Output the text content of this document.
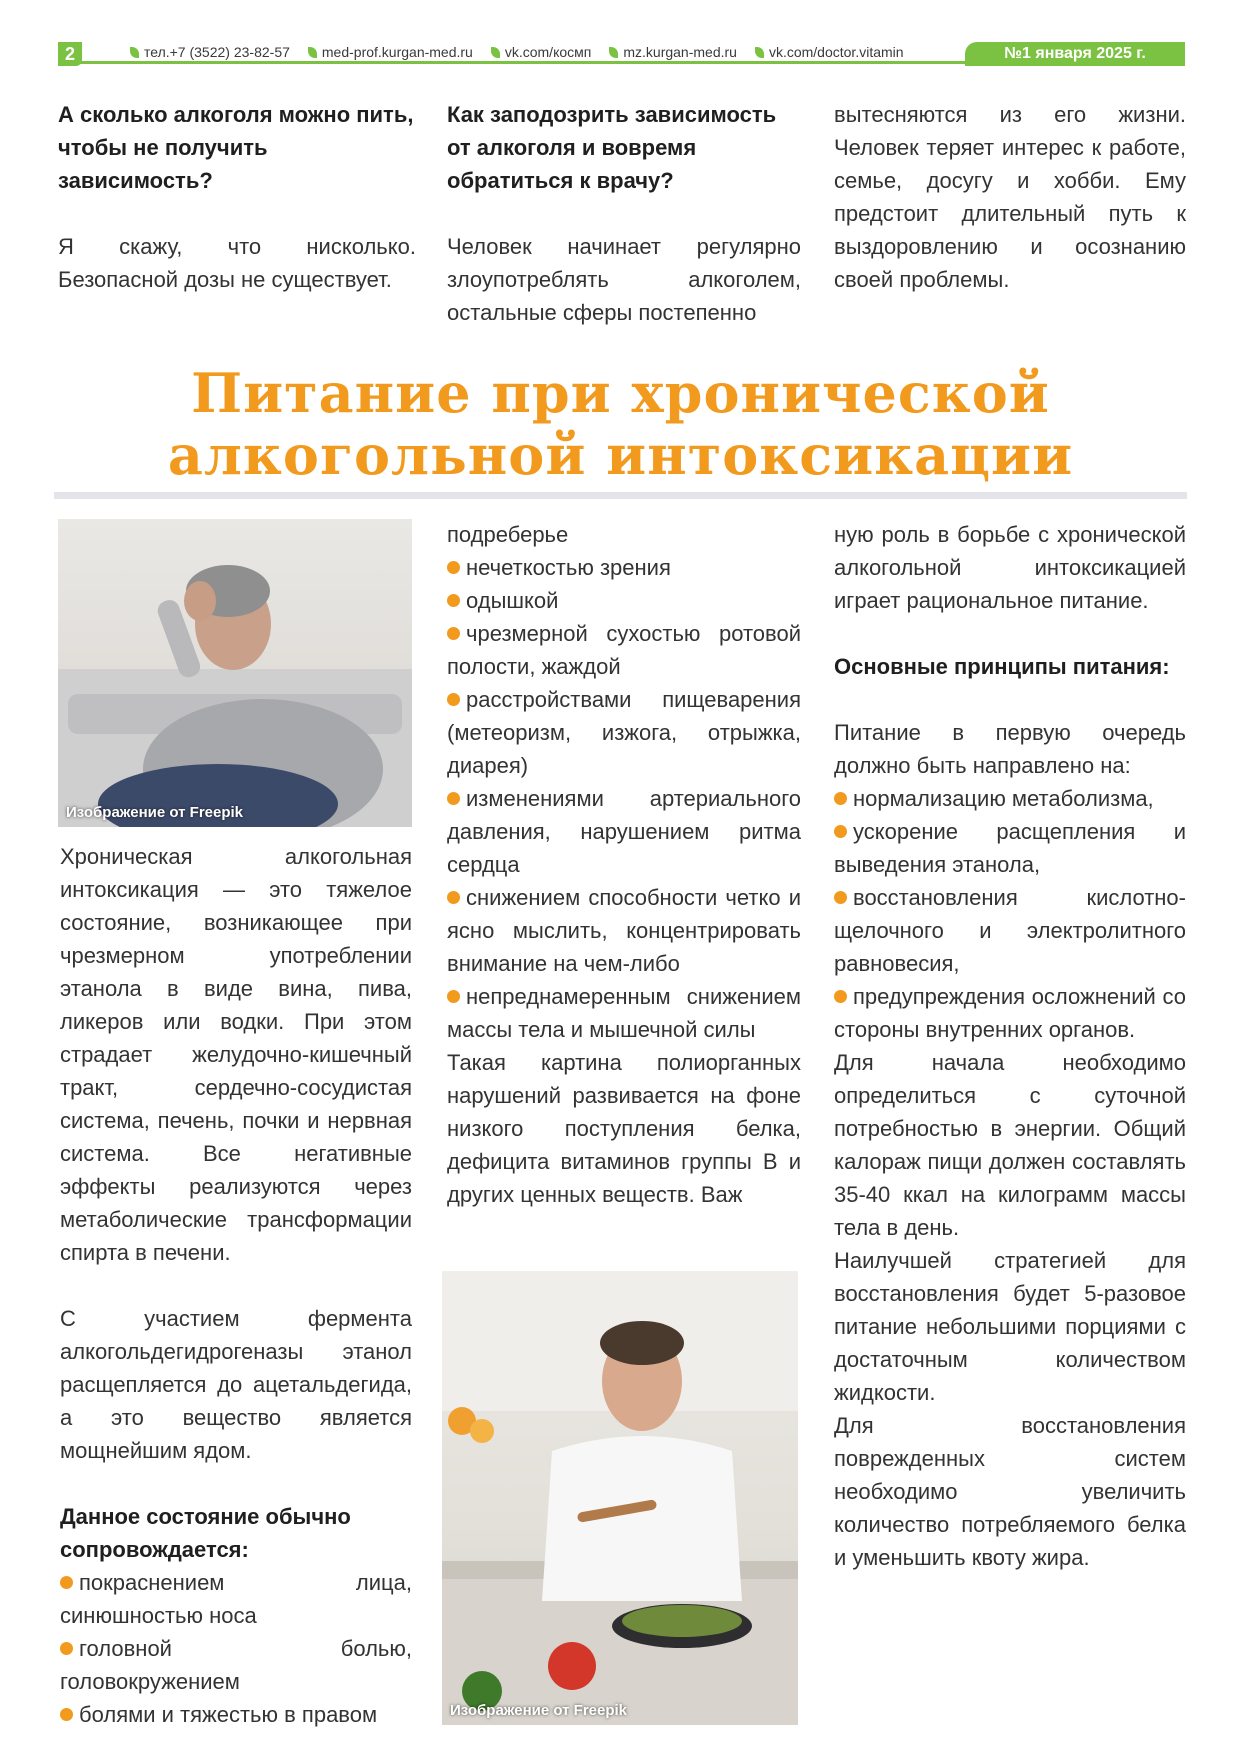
2	тел.+7 (3522) 23-82-57 med-prof.kurgan-med.ru vk.com/космп mz.kurgan-med.ru vk.com/doctor.vitamin	№1 января 2025 г.

А сколько алкоголя можно пить, чтобы не получить зависимость?

Я скажу, что нисколько. Безопасной дозы не существует.

Как заподозрить зависимость от алкоголя и вовремя обратиться к врачу?

Человек начинает регулярно злоупотреблять алкоголем, остальные сферы постепенно

вытесняются из его жизни. Человек теряет интерес к работе, семье, досугу и хобби. Ему предстоит длительный путь к выздоровлению и осознанию своей проблемы.

Питание при хронической
алкогольной интоксикации
Изображение от Freepik

Хроническая алкогольная интоксикация — это тяжелое состояние, возникающее при чрезмерном употреблении этанола в виде вина, пива, ликеров или водки. При этом страдает желудочно-кишечный тракт, сердечно-сосудистая система, печень, почки и нервная система. Все негативные эффекты реализуются через метаболические трансформации спирта в печени.

С участием фермента алкогольдегидрогеназы этанол расщепляется до ацетальдегида, а это вещество является мощнейшим ядом.

Данное состояние обычно сопровождается:

покраснением лица, синюшностью носа

головной болью, головокружением

болями и тяжестью в правом

подреберье

нечеткостью зрения

одышкой

чрезмерной сухостью ротовой полости, жаждой

расстройствами пищеварения (метеоризм, изжога, отрыжка, диарея)

изменениями артериального давления, нарушением ритма сердца

снижением способности четко и ясно мыслить, концентрировать внимание на чем-либо

непреднамеренным снижением массы тела и мышечной силы

Такая картина полиорганных нарушений развивается на фоне низкого поступления белка, дефицита витаминов группы В и других ценных веществ. Важ

Изображение от Freepik

ную роль в борьбе с хронической алкогольной интоксикацией играет рациональное питание.

Основные принципы питания:

Питание в первую очередь должно быть направлено на:

нормализацию метаболизма,

ускорение расщепления и выведения этанола,

восстановления кислотно-щелочного и электролитного равновесия,

предупреждения осложнений со стороны внутренних органов.

Для начала необходимо определиться с суточной потребностью в энергии. Общий калораж пищи должен составлять 35-40 ккал на килограмм массы тела в день.

Наилучшей стратегией для восстановления будет 5-разовое питание небольшими порциями с достаточным количеством жидкости.

Для восстановления поврежденных систем необходимо увеличить количество потребляемого белка и уменьшить квоту жира.
